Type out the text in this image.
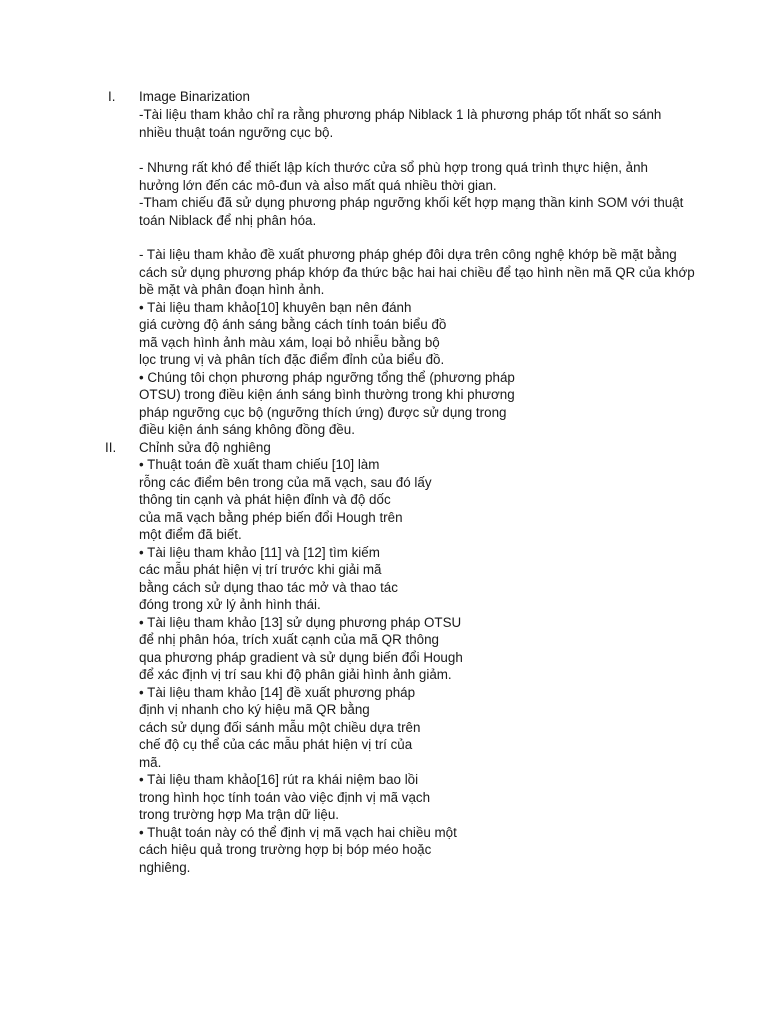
I. Image Binarization
-Tài liệu tham khảo chỉ ra rằng phương pháp Niblack 1 là phương pháp tốt nhất so sánh
nhiều thuật toán ngưỡng cục bộ.
- Nhưng rất khó để thiết lập kích thước cửa sổ phù hợp trong quá trình thực hiện, ảnh
hưởng lớn đến các mô-đun và aÌso mất quá nhiều thời gian.
-Tham chiếu đã sử dụng phương pháp ngưỡng khối kết hợp mạng thần kinh SOM với thuật
toán Niblack để nhị phân hóa.
- Tài liệu tham khảo đề xuất phương pháp ghép đôi dựa trên công nghệ khớp bề mặt bằng
cách sử dụng phương pháp khớp đa thức bậc hai hai chiều để tạo hình nền mã QR của khớp
bề mặt và phân đoạn hình ảnh.
• Tài liệu tham khảo[10] khuyên bạn nên đánh
giá cường độ ánh sáng bằng cách tính toán biểu đồ
mã vạch hình ảnh màu xám, loại bỏ nhiễu bằng bộ
lọc trung vị và phân tích đặc điểm đỉnh của biểu đồ.
• Chúng tôi chọn phương pháp ngưỡng tổng thể (phương pháp
OTSU) trong điều kiện ánh sáng bình thường trong khi phương
pháp ngưỡng cục bộ (ngưỡng thích ứng) được sử dụng trong
điều kiện ánh sáng không đồng đều.
II. Chỉnh sửa độ nghiêng
• Thuật toán đề xuất tham chiếu [10] làm
rỗng các điểm bên trong của mã vạch, sau đó lấy
thông tin cạnh và phát hiện đỉnh và độ dốc
của mã vạch bằng phép biến đổi Hough trên
một điểm đã biết.
• Tài liệu tham khảo [11] và [12] tìm kiếm
các mẫu phát hiện vị trí trước khi giải mã
bằng cách sử dụng thao tác mở và thao tác
đóng trong xử lý ảnh hình thái.
• Tài liệu tham khảo [13] sử dụng phương pháp OTSU
để nhị phân hóa, trích xuất cạnh của mã QR thông
qua phương pháp gradient và sử dụng biến đổi Hough
để xác định vị trí sau khi độ phân giải hình ảnh giảm.
• Tài liệu tham khảo [14] đề xuất phương pháp
định vị nhanh cho ký hiệu mã QR bằng
cách sử dụng đối sánh mẫu một chiều dựa trên
chế độ cụ thể của các mẫu phát hiện vị trí của
mã.
• Tài liệu tham khảo[16] rút ra khái niệm bao lồi
trong hình học tính toán vào việc định vị mã vạch
trong trường hợp Ma trận dữ liệu.
• Thuật toán này có thể định vị mã vạch hai chiều một
cách hiệu quả trong trường hợp bị bóp méo hoặc
nghiêng.
